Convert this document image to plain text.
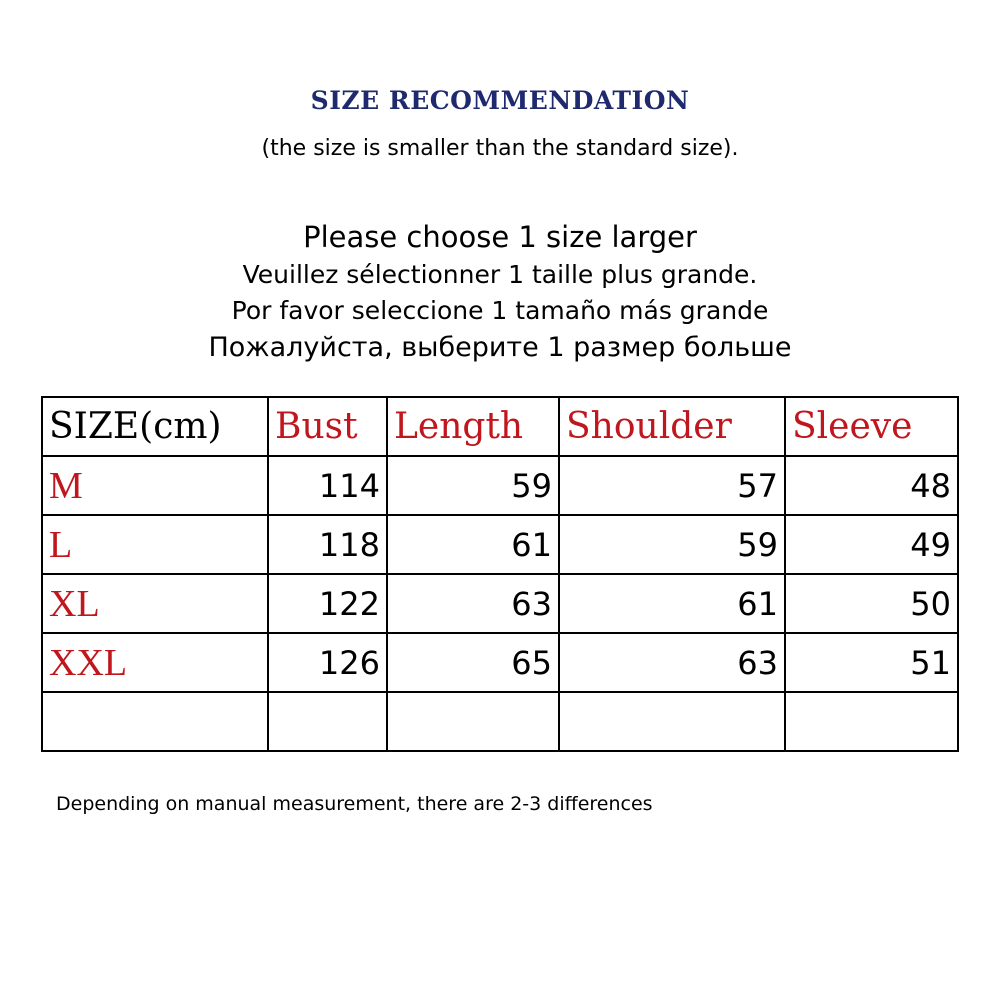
SIZE RECOMMENDATION
(the size is smaller than the standard size).
Please choose 1 size larger
Veuillez sélectionner 1 taille plus grande.
Por favor seleccione 1 tamaño más grande
Пожалуйста, выберите 1 размер больше
SIZE(cm)	Bust	Length	Shoulder	Sleeve
M	114	59	57	48
L	118	61	59	49
XL	122	63	61	50
XXL	126	65	63	51

Depending on manual measurement, there are 2-3 differences
